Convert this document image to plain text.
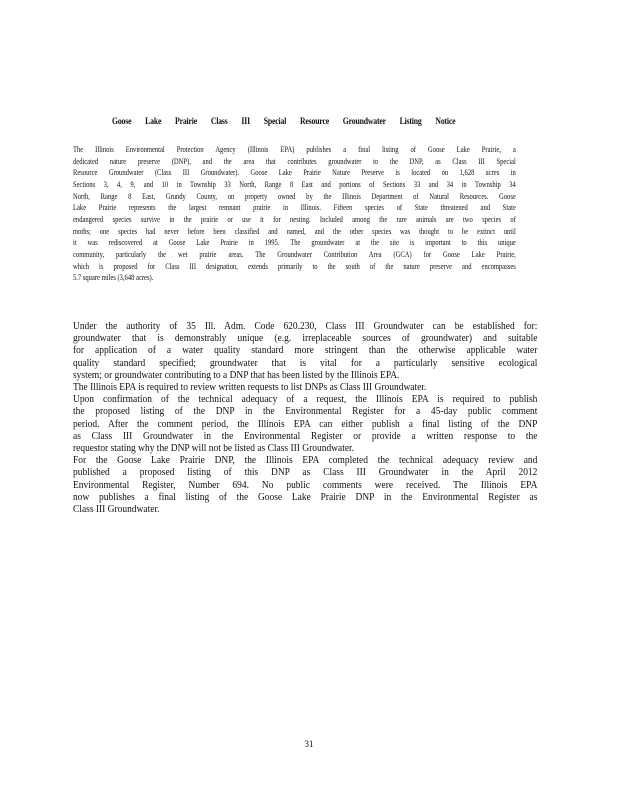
Goose Lake Prairie Class III Special Resource Groundwater Listing Notice
The Illinois Environmental Protection Agency (Illinois EPA) publishes a final listing of Goose Lake Prairie, a
dedicated nature preserve (DNP), and the area that contributes groundwater to the DNP, as Class III Special
Resource Groundwater (Class III Groundwater). Goose Lake Prairie Nature Preserve is located on 1,628 acres in
Sections 3, 4, 9, and 10 in Township 33 North, Range 8 East and portions of Sections 33 and 34 in Township 34
North, Range 8 East, Grundy County, on property owned by the Illinois Department of Natural Resources. Goose
Lake Prairie represents the largest remnant prairie in Illinois. Fifteen species of State threatened and State
endangered species survive in the prairie or use it for nesting. Included among the rare animals are two species of
moths; one species had never before been classified and named, and the other species was thought to be extinct until
it was rediscovered at Goose Lake Prairie in 1995. The groundwater at the site is important to this unique
community, particularly the wet prairie areas. The Groundwater Contribution Area (GCA) for Goose Lake Prairie,
which is proposed for Class III designation, extends primarily to the south of the nature preserve and encompasses
5.7 square miles (3,648 acres).
Under the authority of 35 Ill. Adm. Code 620.230, Class III Groundwater can be established for:
groundwater that is demonstrably unique (e.g. irreplaceable sources of groundwater) and suitable
for application of a water quality standard more stringent than the otherwise applicable water
quality standard specified; groundwater that is vital for a particularly sensitive ecological
system; or groundwater contributing to a DNP that has been listed by the Illinois EPA.
The Illinois EPA is required to review written requests to list DNPs as Class III Groundwater.
Upon confirmation of the technical adequacy of a request, the Illinois EPA is required to publish
the proposed listing of the DNP in the Environmental Register for a 45-day public comment
period. After the comment period, the Illinois EPA can either publish a final listing of the DNP
as Class III Groundwater in the Environmental Register or provide a written response to the
requestor stating why the DNP will not be listed as Class III Groundwater.
For the Goose Lake Prairie DNP, the Illinois EPA completed the technical adequacy review and
published a proposed listing of this DNP as Class III Groundwater in the April 2012
Environmental Register, Number 694. No public comments were received. The Illinois EPA
now publishes a final listing of the Goose Lake Prairie DNP in the Environmental Register as
Class III Groundwater.
31
